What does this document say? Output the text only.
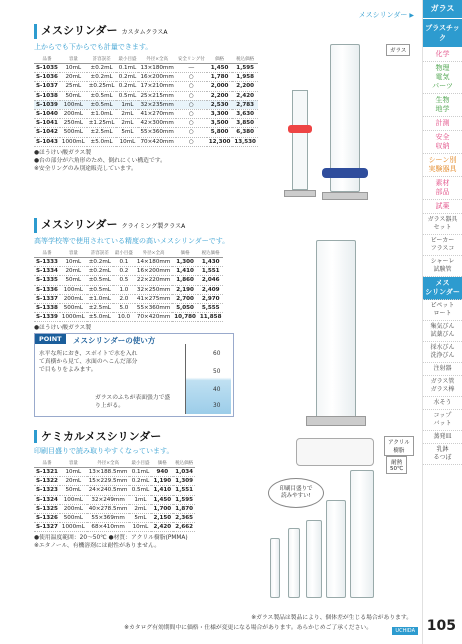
メスシリンダー ▶
ガラス
プラスチック
化学
物理
電気
パーツ
生物
地学
計測
安全
収納
シーン別
実験器具
素材
部品
試薬
ガラス器具
セット
ビーカー
フラスコ
シャーレ
試験管
メス
シリンダー
ピペット
ロート
集気びん
試薬びん
採水びん
洗浄びん
注射器
ガラス管
ガラス棒
水そう
コップ
バット
蒸発皿
乳鉢
るつぼ
メスシリンダー カスタムクラスA
上からでも下からでも計量できます。
品番	容量	許容誤差	最小目盛	外径×全高	安全リング付	価格	税込価格
S-1035	10mL	±0.2mL	0.1mL	13×180mm	―	1,450	1,595
S-1036	20mL	±0.2mL	0.2mL	16×200mm	○	1,780	1,958
S-1037	25mL	±0.25mL	0.2mL	17×210mm	○	2,000	2,200
S-1038	50mL	±0.5mL	0.5mL	25×215mm	○	2,200	2,420
S-1039	100mL	±0.5mL	1mL	32×235mm	○	2,530	2,783
S-1040	200mL	±1.0mL	2mL	41×270mm	○	3,300	3,630
S-1041	250mL	±1.25mL	2mL	42×300mm	○	3,500	3,850
S-1042	500mL	±2.5mL	5mL	55×360mm	○	5,800	6,380
S-1043	1000mL	±5.0mL	10mL	70×420mm	○	12,300	13,530
●ほうけい酸ガラス製
●台の部分が六角形のため、倒れにくい構造です。
※安全リングのみ別途販売しています。
ガラス
メスシリンダー クライミング製クラスA
高等学校等で使用されている精度の高いメスシリンダーです。
品番	容量	許容誤差	最小目盛	外径×全高	価格	税込価格
S-1333	10mL	±0.2mL	0.1	14×180mm	1,300	1,430
S-1334	20mL	±0.2mL	0.2	16×200mm	1,410	1,551
S-1335	50mL	±0.5mL	0.5	22×220mm	1,860	2,046
S-1336	100mL	±0.5mL	1.0	32×250mm	2,190	2,409
S-1337	200mL	±1.0mL	2.0	41×275mm	2,700	2,970
S-1338	500mL	±2.5mL	5.0	55×360mm	5,050	5,555
S-1339	1000mL	±5.0mL	10.0	70×420mm	10,780	11,858
●ほうけい酸ガラス製
POINT	メスシリンダーの使い方
水平な所におき、スポイトで水を入れて真横から見て、水面のへこんだ部分で目もりをよみます。
60
50
40
30
ガラスのふちが表面張力で盛り上がる。
ケミカルメスシリンダー
印刷目盛りで読み取りやすくなっています。
品番	容量	外径×全高	最小目盛	価格	税込価格
S-1321	10mL	13×188.5mm	0.1mL	940	1,034
S-1322	20mL	15×229.5mm	0.2mL	1,190	1,309
S-1323	50mL	24×240.5mm	0.5mL	1,410	1,551
S-1324	100mL	32×249mm	1mL	1,450	1,595
S-1325	200mL	40×278.5mm	2mL	1,700	1,870
S-1326	500mL	55×369mm	5mL	2,150	2,365
S-1327	1000mL	68×410mm	10mL	2,420	2,662
●使用温度範囲：20～50℃ ●材質：アクリル樹脂(PMMA)
※エタノール、有機溶剤には耐性がありません。
アクリル
樹脂
耐熱
50℃
印刷目盛りで
読みやすい!
※ガラス製品は製品により、個体差が生じる場合があります。
※カタログ有効期間中に価格・仕様が変更になる場合があります。あらかじめご了承ください。	UCHIDA 105
